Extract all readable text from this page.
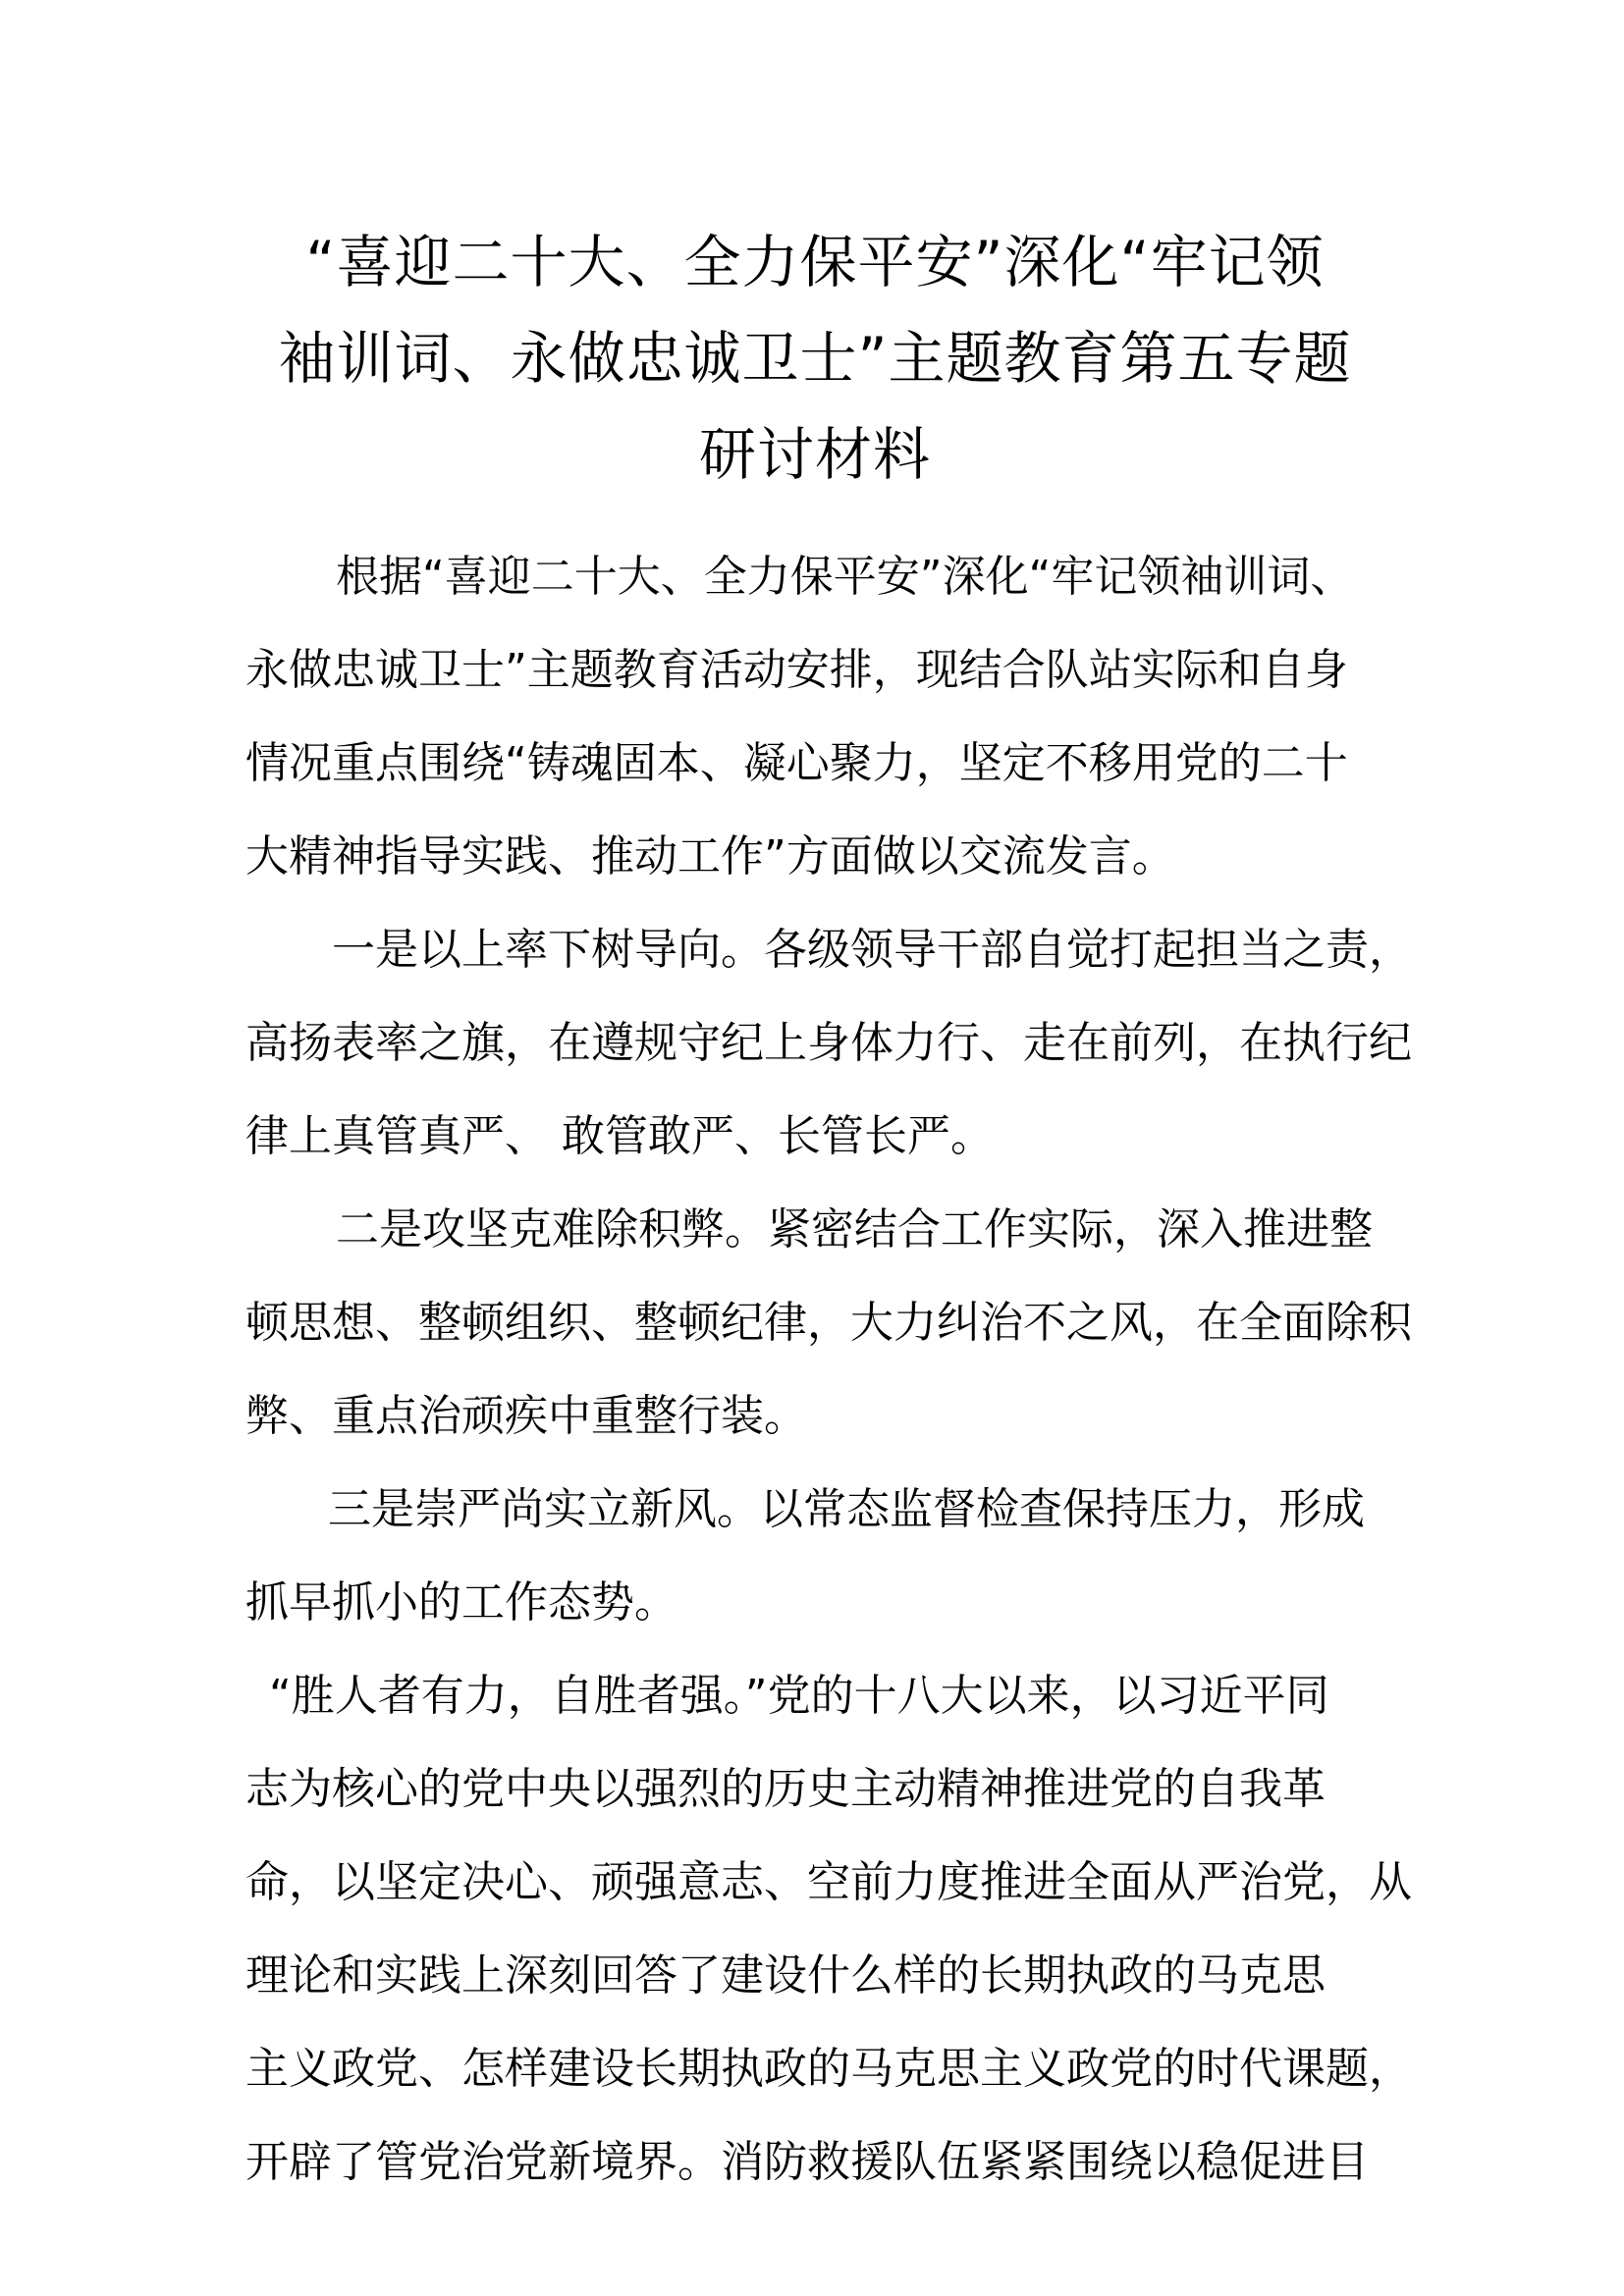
“喜迎二十大、全力保平安”深化“牢记领
袖训词、永做忠诚卫士”主题教育第五专题
研讨材料
根据“喜迎二十大、全力保平安”深化“牢记领袖训词、
永做忠诚卫士”主题教育活动安排，现结合队站实际和自身
情况重点围绕“铸魂固本、凝心聚力，坚定不移用党的二十
大精神指导实践、推动工作”方面做以交流发言。
一是以上率下树导向。各级领导干部自觉打起担当之责，
高扬表率之旗，在遵规守纪上身体力行、走在前列，在执行纪
律上真管真严、 敢管敢严、长管长严。
二是攻坚克难除积弊。紧密结合工作实际，深入推进整
顿思想、整顿组织、整顿纪律，大力纠治不之风，在全面除积
弊、重点治顽疾中重整行装。
三是崇严尚实立新风。以常态监督检查保持压力，形成
抓早抓小的工作态势。
“胜人者有力，自胜者强。”党的十八大以来，以习近平同
志为核心的党中央以强烈的历史主动精神推进党的自我革
命，以坚定决心、顽强意志、空前力度推进全面从严治党，从
理论和实践上深刻回答了建设什么样的长期执政的马克思
主义政党、怎样建设长期执政的马克思主义政党的时代课题，
开辟了管党治党新境界。消防救援队伍紧紧围绕以稳促进目
